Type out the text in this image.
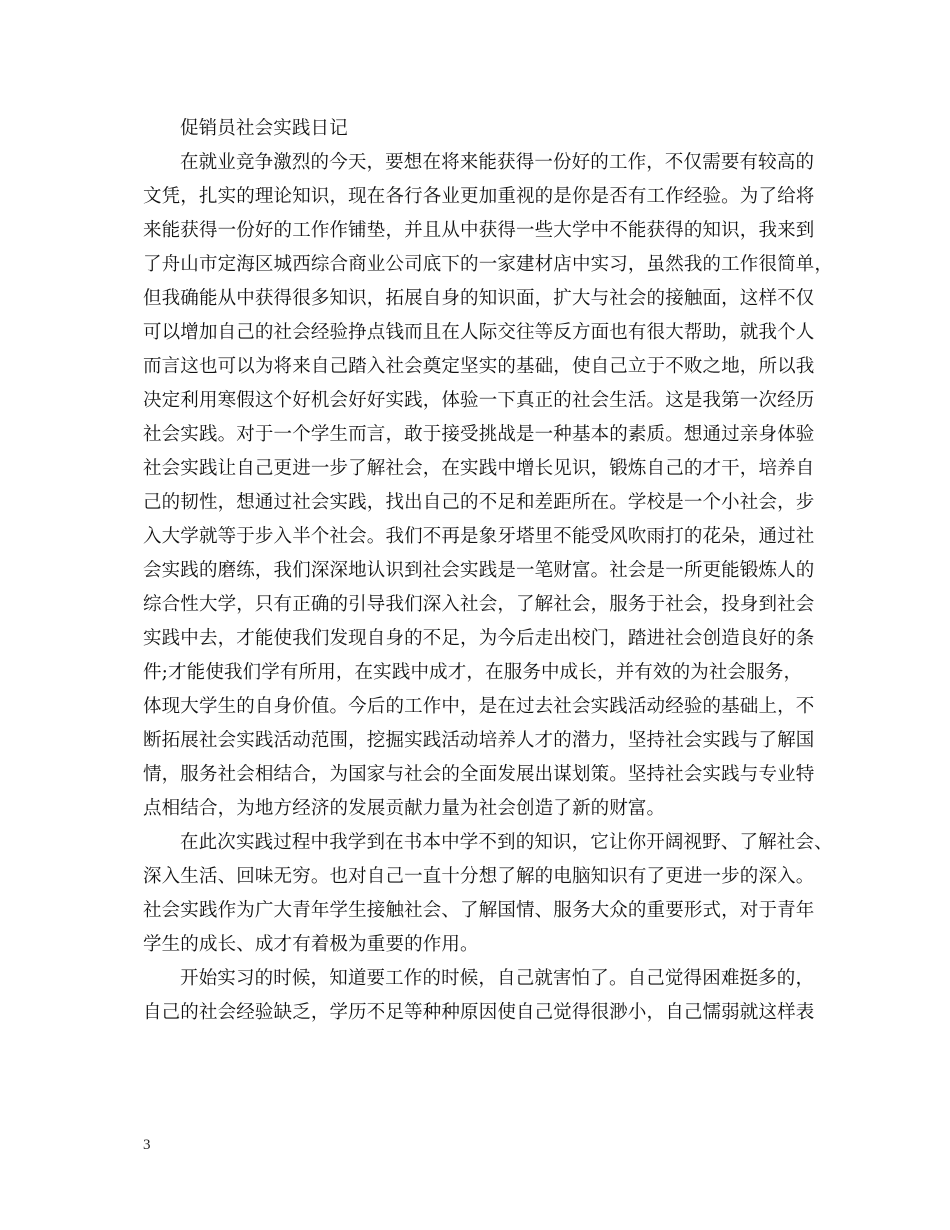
促销员社会实践日记
在就业竞争激烈的今天，要想在将来能获得一份好的工作，不仅需要有较高的
文凭，扎实的理论知识，现在各行各业更加重视的是你是否有工作经验。为了给将
来能获得一份好的工作作铺垫，并且从中获得一些大学中不能获得的知识，我来到
了舟山市定海区城西综合商业公司底下的一家建材店中实习，虽然我的工作很简单，
但我确能从中获得很多知识，拓展自身的知识面，扩大与社会的接触面，这样不仅
可以增加自己的社会经验挣点钱而且在人际交往等反方面也有很大帮助，就我个人
而言这也可以为将来自己踏入社会奠定坚实的基础，使自己立于不败之地，所以我
决定利用寒假这个好机会好好实践，体验一下真正的社会生活。这是我第一次经历
社会实践。对于一个学生而言，敢于接受挑战是一种基本的素质。想通过亲身体验
社会实践让自己更进一步了解社会，在实践中增长见识，锻炼自己的才干，培养自
己的韧性，想通过社会实践，找出自己的不足和差距所在。学校是一个小社会，步
入大学就等于步入半个社会。我们不再是象牙塔里不能受风吹雨打的花朵，通过社
会实践的磨练，我们深深地认识到社会实践是一笔财富。社会是一所更能锻炼人的
综合性大学，只有正确的引导我们深入社会，了解社会，服务于社会，投身到社会
实践中去，才能使我们发现自身的不足，为今后走出校门，踏进社会创造良好的条
件;才能使我们学有所用，在实践中成才，在服务中成长，并有效的为社会服务，
体现大学生的自身价值。今后的工作中，是在过去社会实践活动经验的基础上，不
断拓展社会实践活动范围，挖掘实践活动培养人才的潜力，坚持社会实践与了解国
情，服务社会相结合，为国家与社会的全面发展出谋划策。坚持社会实践与专业特
点相结合，为地方经济的发展贡献力量为社会创造了新的财富。
在此次实践过程中我学到在书本中学不到的知识，它让你开阔视野、了解社会、
深入生活、回味无穷。也对自己一直十分想了解的电脑知识有了更进一步的深入。
社会实践作为广大青年学生接触社会、了解国情、服务大众的重要形式，对于青年
学生的成长、成才有着极为重要的作用。
开始实习的时候，知道要工作的时候，自己就害怕了。自己觉得困难挺多的，
自己的社会经验缺乏，学历不足等种种原因使自己觉得很渺小，自己懦弱就这样表
3
